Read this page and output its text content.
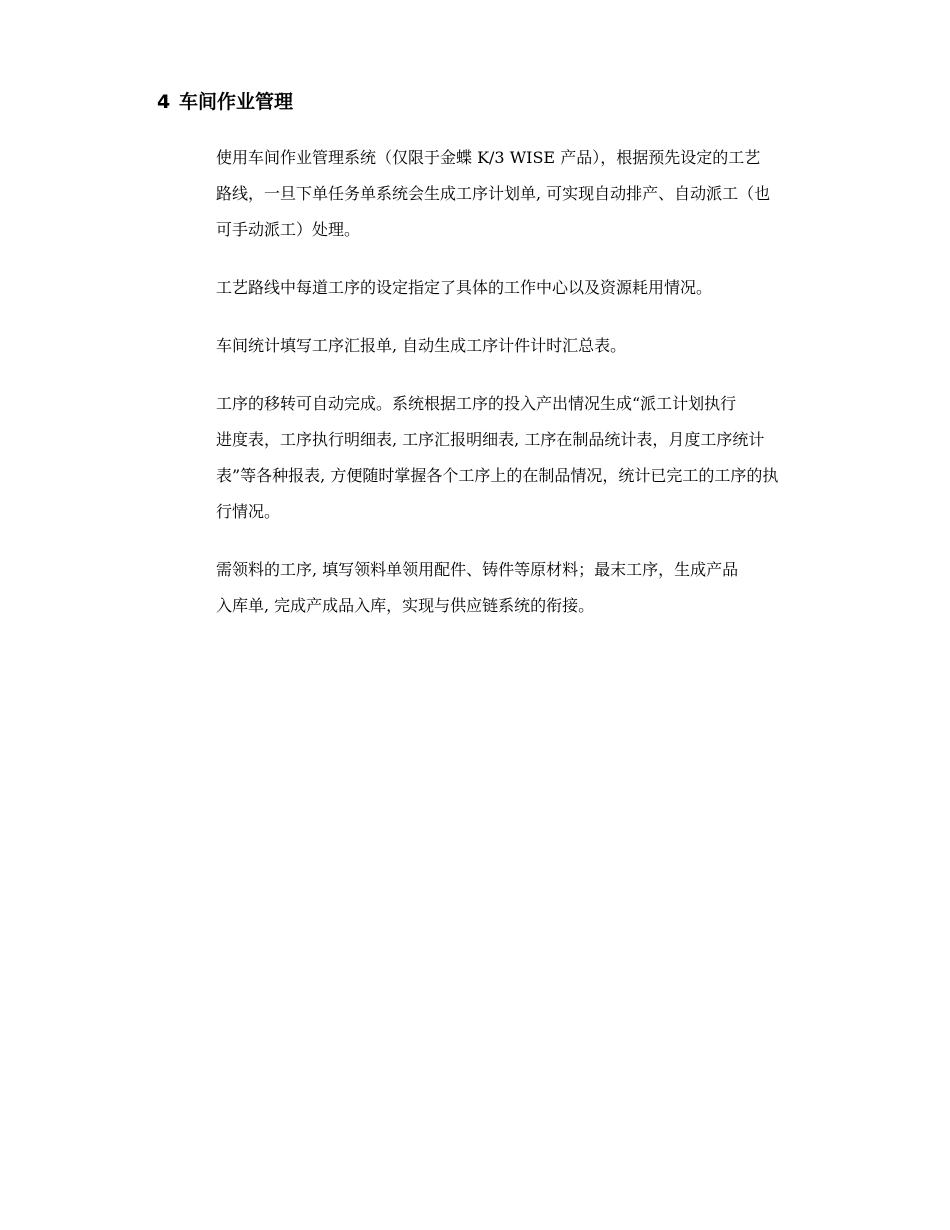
4 车间作业管理

使用车间作业管理系统（仅限于金蝶 K/3 WISE 产品），根据预先设定的工艺
路线，一旦下单任务单系统会生成工序计划单, 可实现自动排产、自动派工（也
可手动派工）处理。

工艺路线中每道工序的设定指定了具体的工作中心以及资源耗用情况。

车间统计填写工序汇报单, 自动生成工序计件计时汇总表。

工序的移转可自动完成。系统根据工序的投入产出情况生成“派工计划执行
进度表，工序执行明细表, 工序汇报明细表, 工序在制品统计表，月度工序统计
表”等各种报表, 方便随时掌握各个工序上的在制品情况，统计已完工的工序的执
行情况。

需领料的工序, 填写领料单领用配件、铸件等原材料；最末工序，生成产品
入库单, 完成产成品入库，实现与供应链系统的衔接。
